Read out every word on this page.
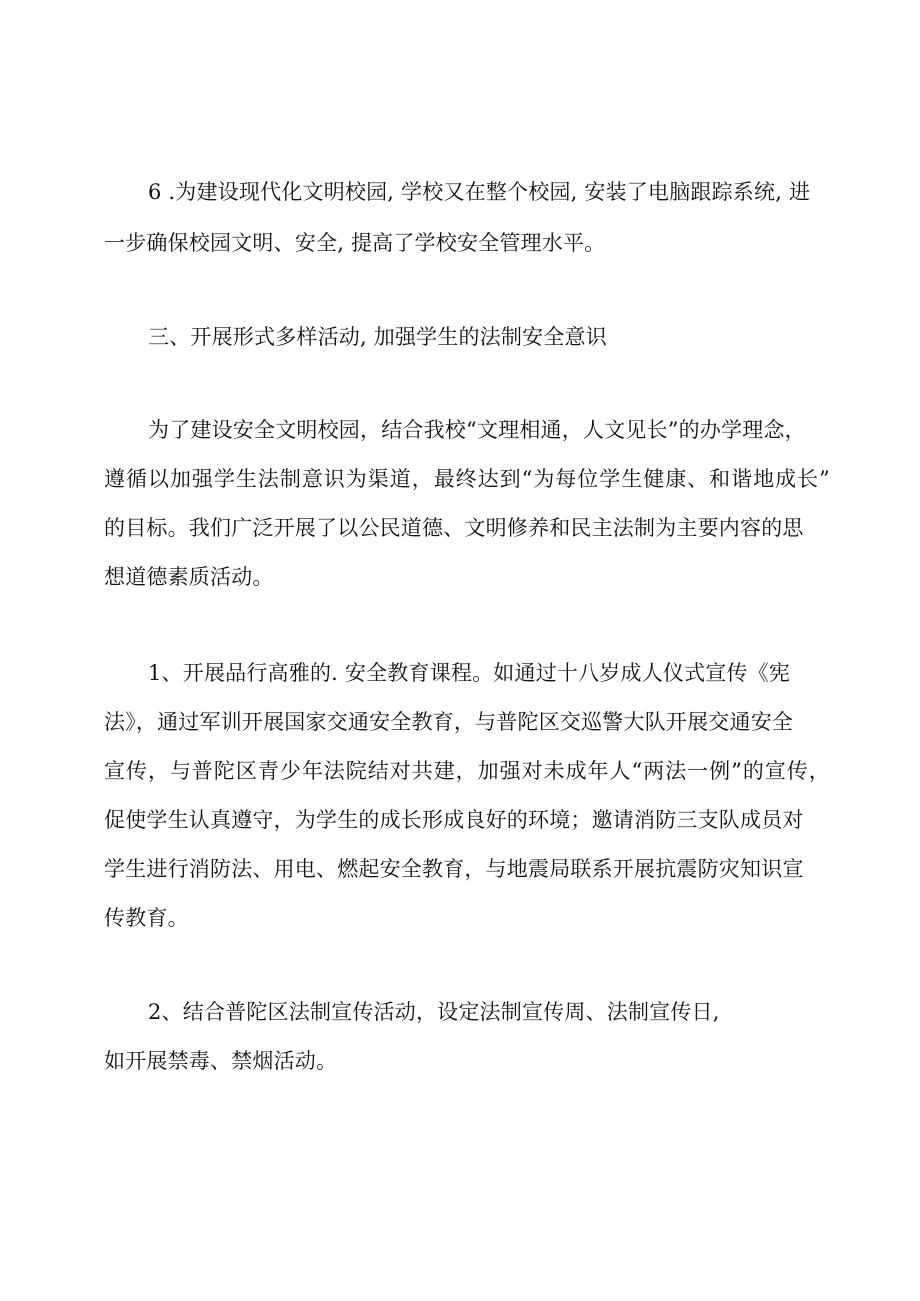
6 .为建设现代化文明校园, 学校又在整个校园, 安装了电脑跟踪系统, 进
一步确保校园文明、安全, 提高了学校安全管理水平。
三、开展形式多样活动, 加强学生的法制安全意识
为了建设安全文明校园，结合我校“文理相通，人文见长”的办学理念，
遵循以加强学生法制意识为渠道，最终达到“为每位学生健康、和谐地成长”
的目标。我们广泛开展了以公民道德、文明修养和民主法制为主要内容的思
想道德素质活动。
1、开展品行高雅的. 安全教育课程。如通过十八岁成人仪式宣传《宪
法》，通过军训开展国家交通安全教育，与普陀区交巡警大队开展交通安全
宣传，与普陀区青少年法院结对共建，加强对未成年人“两法一例”的宣传，
促使学生认真遵守，为学生的成长形成良好的环境；邀请消防三支队成员对
学生进行消防法、用电、燃起安全教育，与地震局联系开展抗震防灾知识宣
传教育。
2、结合普陀区法制宣传活动，设定法制宣传周、法制宣传日,
如开展禁毒、禁烟活动。
